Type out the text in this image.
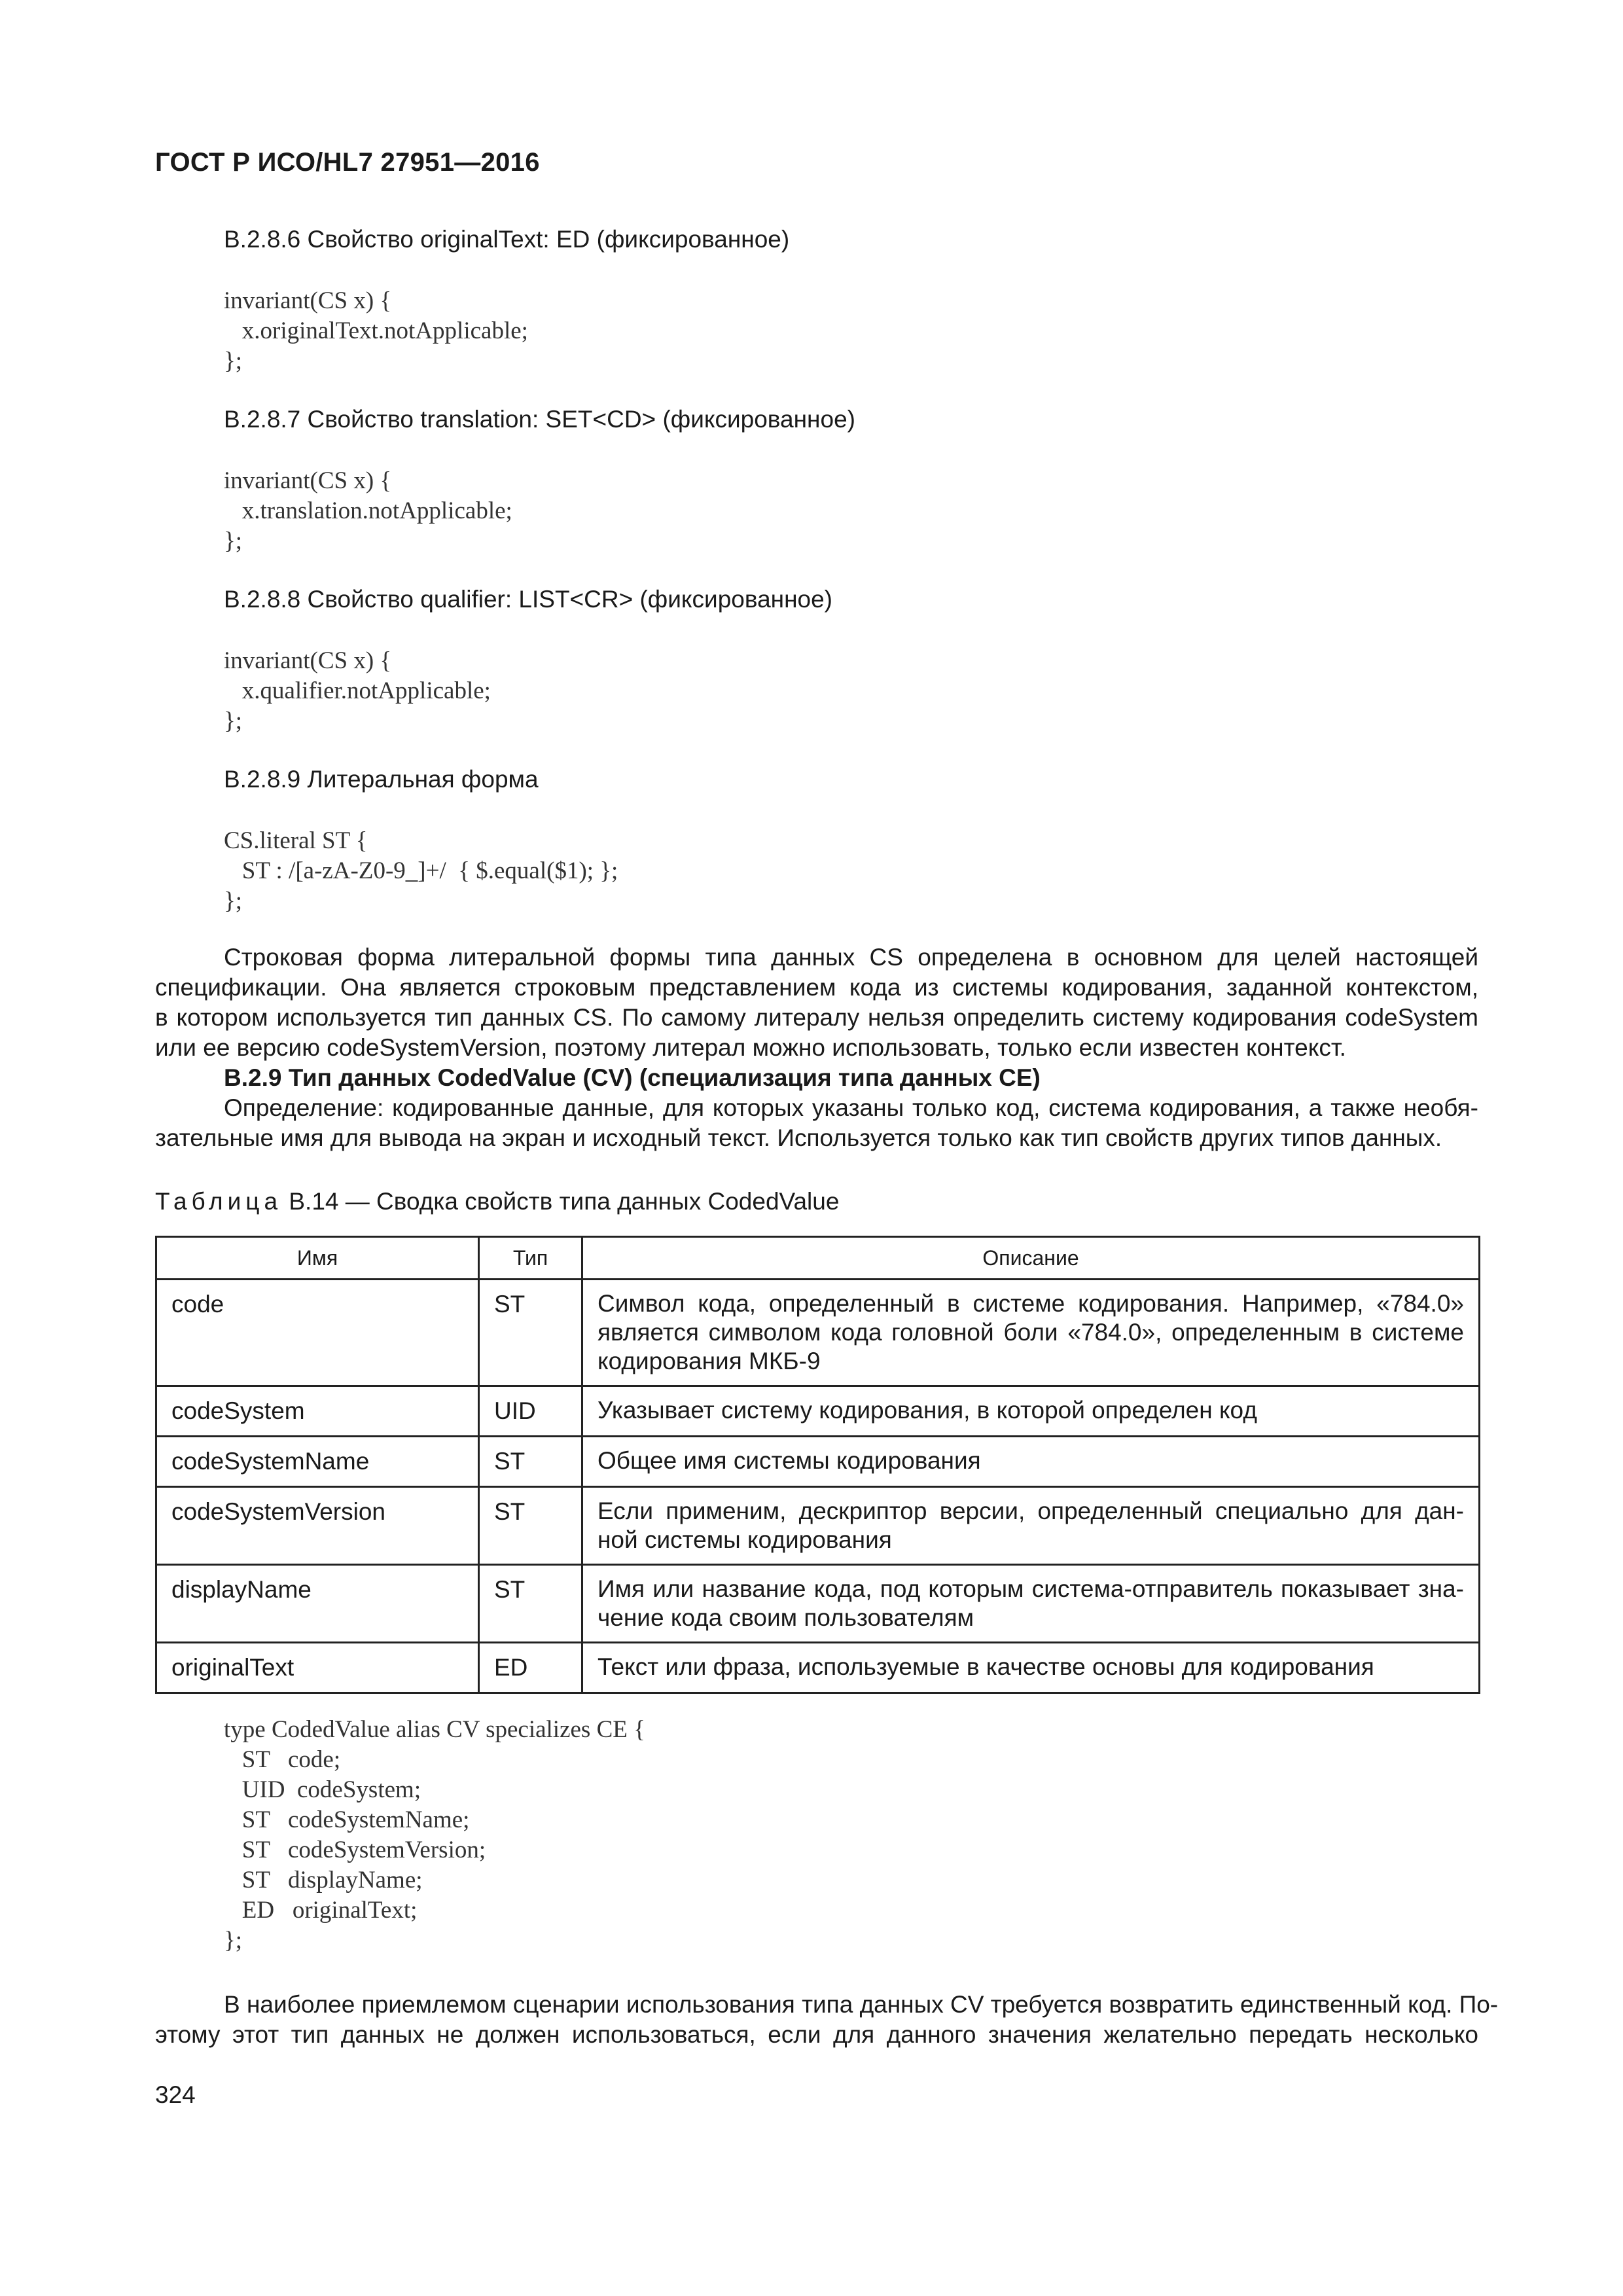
ГОСТ Р ИСО/HL7 27951—2016
B.2.8.6 Свойство originalText: ED (фиксированное)
invariant(CS x) {
x.originalText.notApplicable;
};
B.2.8.7 Свойство translation: SET<CD> (фиксированное)
invariant(CS x) {
x.translation.notApplicable;
};
B.2.8.8 Свойство qualifier: LIST<CR> (фиксированное)
invariant(CS x) {
x.qualifier.notApplicable;
};
B.2.8.9 Литеральная форма
CS.literal ST {
ST : /[a-zA-Z0-9_]+/  { $.equal($1); };
};
Строковая форма литеральной формы типа данных CS определена в основном для целей настоящей
спецификации. Она является строковым представлением кода из системы кодирования, заданной контекстом,
в котором используется тип данных CS. По самому литералу нельзя определить систему кодирования codeSystem
или ее версию codeSystemVersion, поэтому литерал можно использовать, только если известен контекст.
B.2.9 Тип данных CodedValue (CV) (специализация типа данных CE)
Определение: кодированные данные, для которых указаны только код, система кодирования, а также необя-
зательные имя для вывода на экран и исходный текст. Используется только как тип свойств других типов данных.
Таблица B.14 — Сводка свойств типа данных CodedValue
Имя	Тип	Описание
code	ST	Символ кода, определенный в системе кодирования. Например, «784.0»
является символом кода головной боли «784.0», определенным в системе
кодирования МКБ-9

codeSystem	UID	Указывает систему кодирования, в которой определен код

codeSystemName	ST	Общее имя системы кодирования

codeSystemVersion	ST	Если применим, дескриптор версии, определенный специально для дан-
ной системы кодирования

displayName	ST	Имя или название кода, под которым система-отправитель показывает зна-
чение кода своим пользователям

originalText	ED	Текст или фраза, используемые в качестве основы для кодирования
type CodedValue alias CV specializes CE {
ST   code;
UID  codeSystem;
ST   codeSystemName;
ST   codeSystemVersion;
ST   displayName;
ED   originalText;
};
В наиболее приемлемом сценарии использования типа данных CV требуется возвратить единственный код. По-
этому этот тип данных не должен использоваться, если для данного значения желательно передать несколько
324
